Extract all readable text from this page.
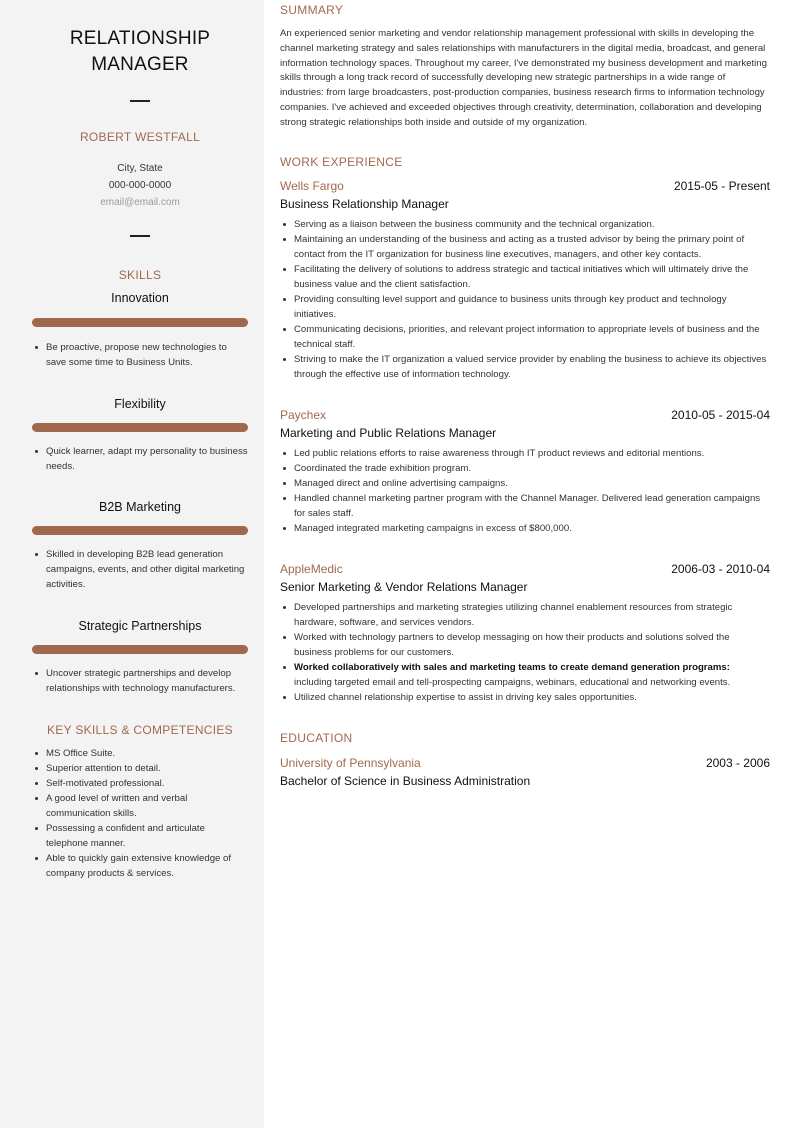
RELATIONSHIP
MANAGER
ROBERT WESTFALL
City, State
000-000-0000
email@email.com
SKILLS
Innovation
Be proactive, propose new technologies to save some time to Business Units.
Flexibility
Quick learner, adapt my personality to business needs.
B2B Marketing
Skilled in developing B2B lead generation campaigns, events, and other digital marketing activities.
Strategic Partnerships
Uncover strategic partnerships and develop relationships with technology manufacturers.
KEY SKILLS & COMPETENCIES
MS Office Suite.
Superior attention to detail.
Self-motivated professional.
A good level of written and verbal communication skills.
Possessing a confident and articulate telephone manner.
Able to quickly gain extensive knowledge of company products & services.
SUMMARY

An experienced senior marketing and vendor relationship management professional with skills in developing the channel marketing strategy and sales relationships with manufacturers in the digital media, broadcast, and general information technology spaces. Throughout my career, I've demonstrated my business development and marketing skills through a long track record of successfully developing new strategic partnerships in a wide range of industries: from large broadcasters, post-production companies, business research firms to information technology companies. I've achieved and exceeded objectives through creativity, determination, collaboration and developing strong strategic relationships both inside and outside of my organization.

WORK EXPERIENCE
Wells Fargo	2015-05 - Present
Business Relationship Manager
Serving as a liaison between the business community and the technical organization.
Maintaining an understanding of the business and acting as a trusted advisor by being the primary point of contact from the IT organization for business line executives, managers, and other key contacts.
Facilitating the delivery of solutions to address strategic and tactical initiatives which will ultimately drive the business value and the client satisfaction.
Providing consulting level support and guidance to business units through key product and technology initiatives.
Communicating decisions, priorities, and relevant project information to appropriate levels of business and the technical staff.
Striving to make the IT organization a valued service provider by enabling the business to achieve its objectives through the effective use of information technology.
Paychex	2010-05 - 2015-04
Marketing and Public Relations Manager
Led public relations efforts to raise awareness through IT product reviews and editorial mentions.
Coordinated the trade exhibition program.
Managed direct and online advertising campaigns.
Handled channel marketing partner program with the Channel Manager. Delivered lead generation campaigns for sales staff.
Managed integrated marketing campaigns in excess of $800,000.
AppleMedic	2006-03 - 2010-04
Senior Marketing & Vendor Relations Manager
Developed partnerships and marketing strategies utilizing channel enablement resources from strategic hardware, software, and services vendors.
Worked with technology partners to develop messaging on how their products and solutions solved the business problems for our customers.
Worked collaboratively with sales and marketing teams to create demand generation programs: including targeted email and tell-prospecting campaigns, webinars, educational and networking events.
Utilized channel relationship expertise to assist in driving key sales opportunities.
EDUCATION
University of Pennsylvania	2003 - 2006
Bachelor of Science in Business Administration
